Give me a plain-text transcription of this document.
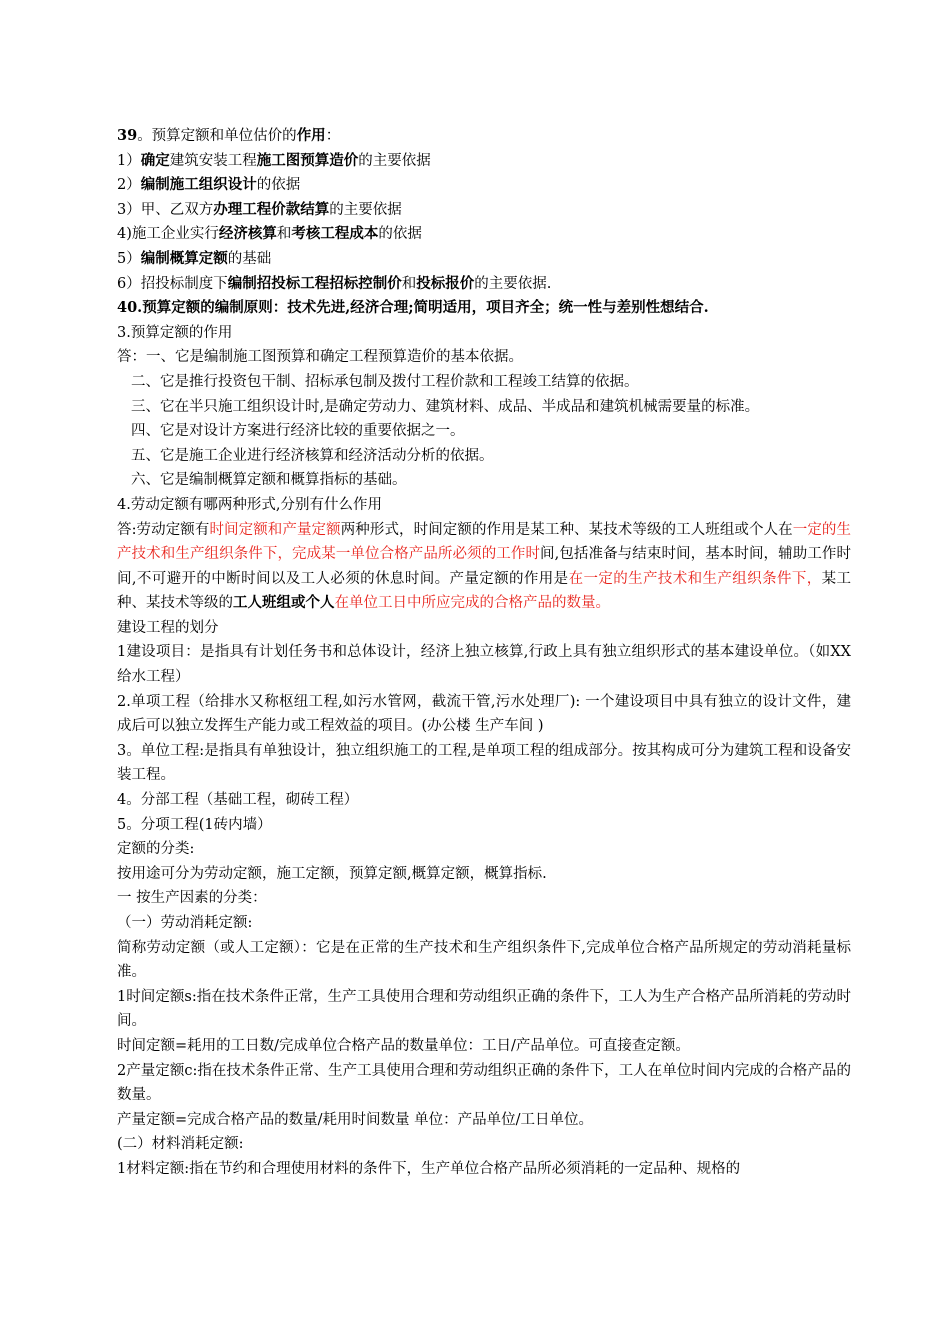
39。预算定额和单位估价的作用：

1）确定建筑安装工程施工图预算造价的主要依据

2）编制施工组织设计的依据

3）甲、乙双方办理工程价款结算的主要依据

4)施工企业实行经济核算和考核工程成本的依据

5）编制概算定额的基础

6）招投标制度下编制招投标工程招标控制价和投标报价的主要依据.

40.预算定额的编制原则：技术先进,经济合理;简明适用，项目齐全；统一性与差别性想结合.

3.预算定额的作用

答：一、它是编制施工图预算和确定工程预算造价的基本依据。

二、它是推行投资包干制、招标承包制及拨付工程价款和工程竣工结算的依据。

三、它在半只施工组织设计时,是确定劳动力、建筑材料、成品、半成品和建筑机械需要量的标准。

四、它是对设计方案进行经济比较的重要依据之一。

五、它是施工企业进行经济核算和经济活动分析的依据。

六、它是编制概算定额和概算指标的基础。

4.劳动定额有哪两种形式,分别有什么作用

答:劳动定额有时间定额和产量定额两种形式，时间定额的作用是某工种、某技术等级的工人班组或个人在一定的生产技术和生产组织条件下，完成某一单位合格产品所必须的工作时间,包括准备与结束时间，基本时间，辅助工作时间,不可避开的中断时间以及工人必须的休息时间。产量定额的作用是在一定的生产技术和生产组织条件下，某工种、某技术等级的工人班组或个人在单位工日中所应完成的合格产品的数量。

建设工程的划分

1建设项目：是指具有计划任务书和总体设计，经济上独立核算,行政上具有独立组织形式的基本建设单位。（如XX给水工程）

2.单项工程（给排水又称枢纽工程,如污水管网，截流干管,污水处理厂): 一个建设项目中具有独立的设计文件，建成后可以独立发挥生产能力或工程效益的项目。(办公楼 生产车间 )

3。单位工程:是指具有单独设计，独立组织施工的工程,是单项工程的组成部分。按其构成可分为建筑工程和设备安装工程。

4。分部工程（基础工程，砌砖工程）

5。分项工程(1砖内墙）

定额的分类:

按用途可分为劳动定额，施工定额，预算定额,概算定额，概算指标.

一 按生产因素的分类：

（一）劳动消耗定额:

简称劳动定额（或人工定额）：它是在正常的生产技术和生产组织条件下,完成单位合格产品所规定的劳动消耗量标准。

1时间定额s:指在技术条件正常，生产工具使用合理和劳动组织正确的条件下，工人为生产合格产品所消耗的劳动时间。

时间定额=耗用的工日数/完成单位合格产品的数量单位：工日/产品单位。可直接查定额。

2产量定额c:指在技术条件正常、生产工具使用合理和劳动组织正确的条件下，工人在单位时间内完成的合格产品的数量。

产量定额=完成合格产品的数量/耗用时间数量 单位：产品单位/工日单位。

(二）材料消耗定额:

1材料定额:指在节约和合理使用材料的条件下，生产单位合格产品所必须消耗的一定品种、规格的
